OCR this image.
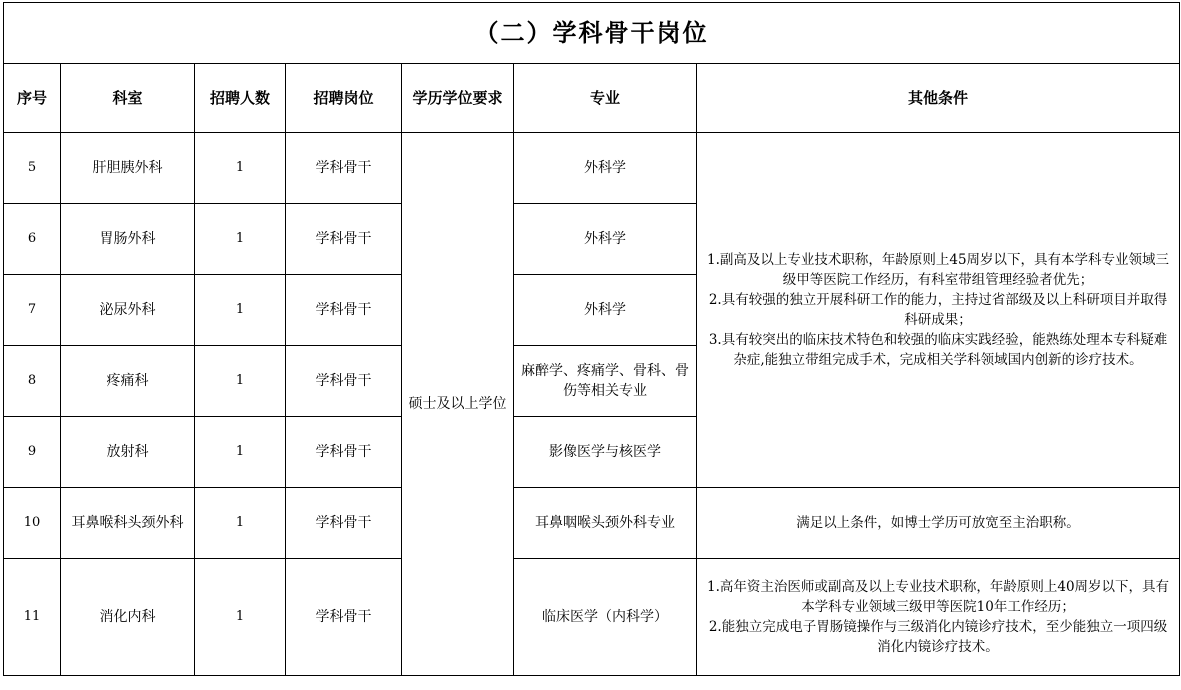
（二）学科骨干岗位						
序号	科室	招聘人数	招聘岗位	学历学位要求	专业	其他条件
5	肝胆胰外科	1	学科骨干	硕士及以上学位	外科学	1.副高及以上专业技术职称，年龄原则上45周岁以下，具有本学科专业领域三级甲等医院工作经历，有科室带组管理经验者优先；
2.具有较强的独立开展科研工作的能力，主持过省部级及以上科研项目并取得科研成果；
3.具有较突出的临床技术特色和较强的临床实践经验，能熟练处理本专科疑难杂症,能独立带组完成手术，完成相关学科领域国内创新的诊疗技术。

6	胃肠外科	1	学科骨干		外科学	
7	泌尿外科	1	学科骨干		外科学	
8	疼痛科	1	学科骨干		麻醉学、疼痛学、骨科、骨伤等相关专业	
9	放射科	1	学科骨干		影像医学与核医学	
10	耳鼻喉科头颈外科	1	学科骨干		耳鼻咽喉头颈外科专业	满足以上条件，如博士学历可放宽至主治职称。
11	消化内科	1	学科骨干		临床医学（内科学）	1.高年资主治医师或副高及以上专业技术职称，年龄原则上40周岁以下，具有本学科专业领域三级甲等医院10年工作经历；
2.能独立完成电子胃肠镜操作与三级消化内镜诊疗技术，至少能独立一项四级消化内镜诊疗技术。
